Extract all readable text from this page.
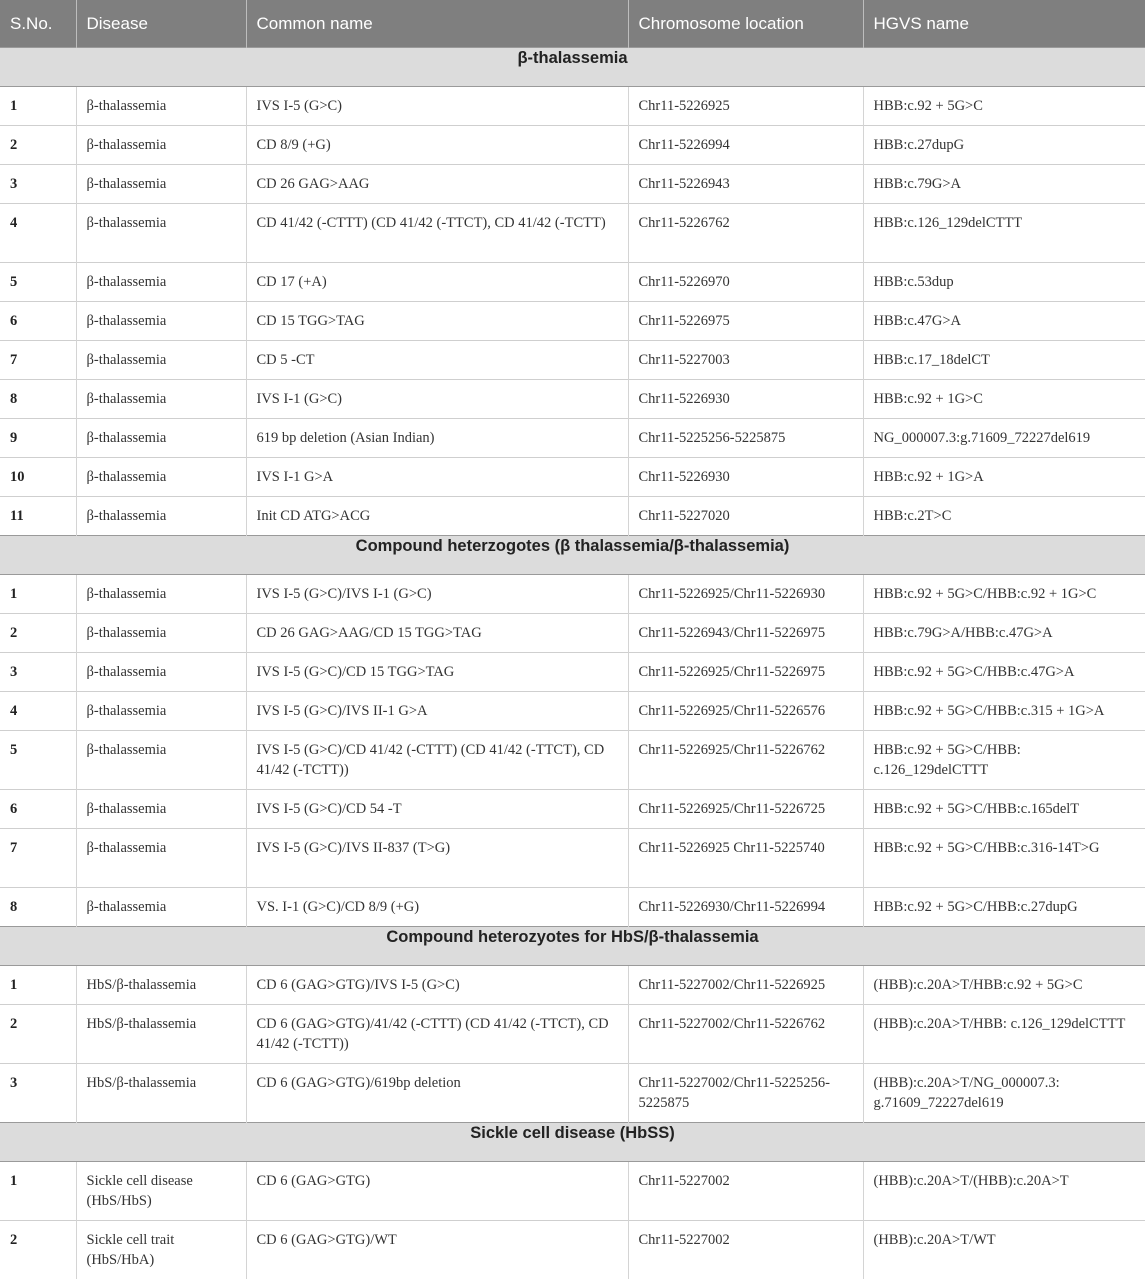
S.No.	Disease	Common name	Chromosome location	HGVS name
β-thalassemia				
1	β-thalassemia	IVS I-5 (G>C)	Chr11-5226925	HBB:c.92 + 5G>C
2	β-thalassemia	CD 8/9 (+G)	Chr11-5226994	HBB:c.27dupG
3	β-thalassemia	CD 26 GAG>AAG	Chr11-5226943	HBB:c.79G>A
4	β-thalassemia	CD 41/42 (-CTTT) (CD 41/42 (-TTCT), CD 41/42 (-TCTT)	Chr11-5226762	HBB:c.126_129delCTTT
5	β-thalassemia	CD 17 (+A)	Chr11-5226970	HBB:c.53dup
6	β-thalassemia	CD 15 TGG>TAG	Chr11-5226975	HBB:c.47G>A
7	β-thalassemia	CD 5 -CT	Chr11-5227003	HBB:c.17_18delCT
8	β-thalassemia	IVS I-1 (G>C)	Chr11-5226930	HBB:c.92 + 1G>C
9	β-thalassemia	619 bp deletion (Asian Indian)	Chr11-5225256-5225875	NG_000007.3:g.71609_72227del619
10	β-thalassemia	IVS I-1 G>A	Chr11-5226930	HBB:c.92 + 1G>A
11	β-thalassemia	Init CD ATG>ACG	Chr11-5227020	HBB:c.2T>C
Compound heterzogotes (β thalassemia/β-thalassemia)				
1	β-thalassemia	IVS I-5 (G>C)/IVS I-1 (G>C)	Chr11-5226925/Chr11-5226930	HBB:c.92 + 5G>C/HBB:c.92 + 1G>C
2	β-thalassemia	CD 26 GAG>AAG/CD 15 TGG>TAG	Chr11-5226943/Chr11-5226975	HBB:c.79G>A/HBB:c.47G>A
3	β-thalassemia	IVS I-5 (G>C)/CD 15 TGG>TAG	Chr11-5226925/Chr11-5226975	HBB:c.92 + 5G>C/HBB:c.47G>A
4	β-thalassemia	IVS I-5 (G>C)/IVS II-1 G>A	Chr11-5226925/Chr11-5226576	HBB:c.92 + 5G>C/HBB:c.315 + 1G>A
5	β-thalassemia	IVS I-5 (G>C)/CD 41/42 (-CTTT) (CD 41/42 (-TTCT), CD 41/42 (-TCTT))	Chr11-5226925/Chr11-5226762	HBB:c.92 + 5G>C/HBB: c.126_129delCTTT
6	β-thalassemia	IVS I-5 (G>C)/CD 54 -T	Chr11-5226925/Chr11-5226725	HBB:c.92 + 5G>C/HBB:c.165delT
7	β-thalassemia	IVS I-5 (G>C)/IVS II-837 (T>G)	Chr11-5226925 Chr11-5225740	HBB:c.92 + 5G>C/HBB:c.316-14T>G
8	β-thalassemia	VS. I-1 (G>C)/CD 8/9 (+G)	Chr11-5226930/Chr11-5226994	HBB:c.92 + 5G>C/HBB:c.27dupG
Compound heterozyotes for HbS/β-thalassemia				
1	HbS/β-thalassemia	CD 6 (GAG>GTG)/IVS I-5 (G>C)	Chr11-5227002/Chr11-5226925	(HBB):c.20A>T/HBB:c.92 + 5G>C
2	HbS/β-thalassemia	CD 6 (GAG>GTG)/41/42 (-CTTT) (CD 41/42 (-TTCT), CD 41/42 (-TCTT))	Chr11-5227002/Chr11-5226762	(HBB):c.20A>T/HBB: c.126_129delCTTT
3	HbS/β-thalassemia	CD 6 (GAG>GTG)/619bp deletion	Chr11-5227002/Chr11-5225256-5225875	(HBB):c.20A>T/NG_000007.3: g.71609_72227del619
Sickle cell disease (HbSS)				
1	Sickle cell disease (HbS/HbS)	CD 6 (GAG>GTG)	Chr11-5227002	(HBB):c.20A>T/(HBB):c.20A>T
2	Sickle cell trait (HbS/HbA)	CD 6 (GAG>GTG)/WT	Chr11-5227002	(HBB):c.20A>T/WT
